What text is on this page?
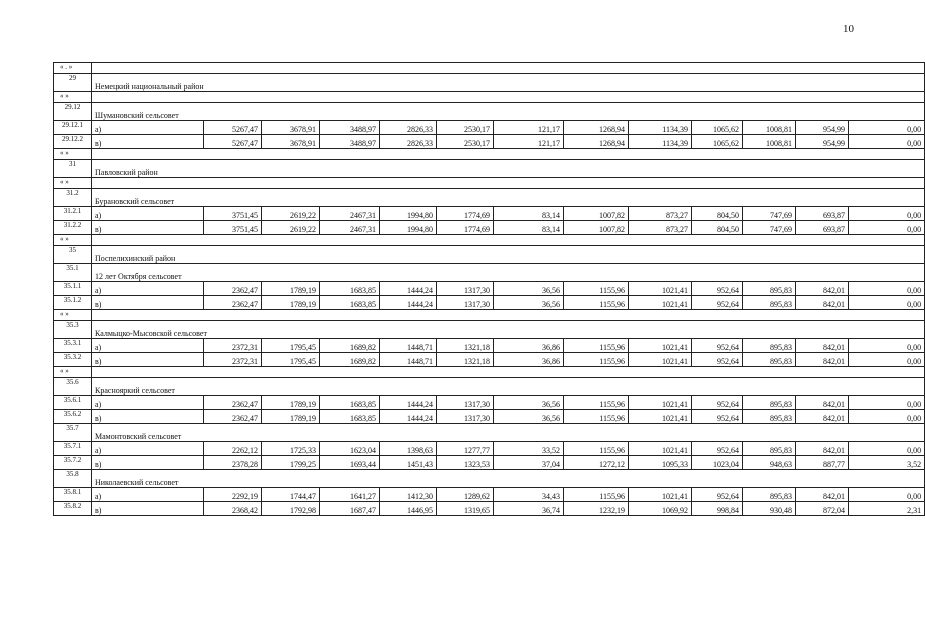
10
« . »													
29	Немецкий национальный район												
« »													
29.12	Шумановский сельсовет												
29.12.1	а)	5267,47	3678,91	3488,97	2826,33	2530,17	121,17	1268,94	1134,39	1065,62	1008,81	954,99	0,00
29.12.2	в)	5267,47	3678,91	3488,97	2826,33	2530,17	121,17	1268,94	1134,39	1065,62	1008,81	954,99	0,00
« »													
31	Павловский район												
« »													
31.2	Бурановский сельсовет												
31.2.1	а)	3751,45	2619,22	2467,31	1994,80	1774,69	83,14	1007,82	873,27	804,50	747,69	693,87	0,00
31.2.2	в)	3751,45	2619,22	2467,31	1994,80	1774,69	83,14	1007,82	873,27	804,50	747,69	693,87	0,00
« »													
35	Поспелихинский район												
35.1	12 лет Октября сельсовет												
35.1.1	а)	2362,47	1789,19	1683,85	1444,24	1317,30	36,56	1155,96	1021,41	952,64	895,83	842,01	0,00
35.1.2	в)	2362,47	1789,19	1683,85	1444,24	1317,30	36,56	1155,96	1021,41	952,64	895,83	842,01	0,00
« »													
35.3	Калмыцко-Мысовской сельсовет												
35.3.1	а)	2372,31	1795,45	1689,82	1448,71	1321,18	36,86	1155,96	1021,41	952,64	895,83	842,01	0,00
35.3.2	в)	2372,31	1795,45	1689,82	1448,71	1321,18	36,86	1155,96	1021,41	952,64	895,83	842,01	0,00
« »													
35.6	Краснояркий сельсовет												
35.6.1	а)	2362,47	1789,19	1683,85	1444,24	1317,30	36,56	1155,96	1021,41	952,64	895,83	842,01	0,00
35.6.2	в)	2362,47	1789,19	1683,85	1444,24	1317,30	36,56	1155,96	1021,41	952,64	895,83	842,01	0,00
35.7	Мамонтовский сельсовет												
35.7.1	а)	2262,12	1725,33	1623,04	1398,63	1277,77	33,52	1155,96	1021,41	952,64	895,83	842,01	0,00
35.7.2	в)	2378,28	1799,25	1693,44	1451,43	1323,53	37,04	1272,12	1095,33	1023,04	948,63	887,77	3,52
35.8	Николаевский сельсовет												
35.8.1	а)	2292,19	1744,47	1641,27	1412,30	1289,62	34,43	1155,96	1021,41	952,64	895,83	842,01	0,00
35.8.2	в)	2368,42	1792,98	1687,47	1446,95	1319,65	36,74	1232,19	1069,92	998,84	930,48	872,04	2,31
